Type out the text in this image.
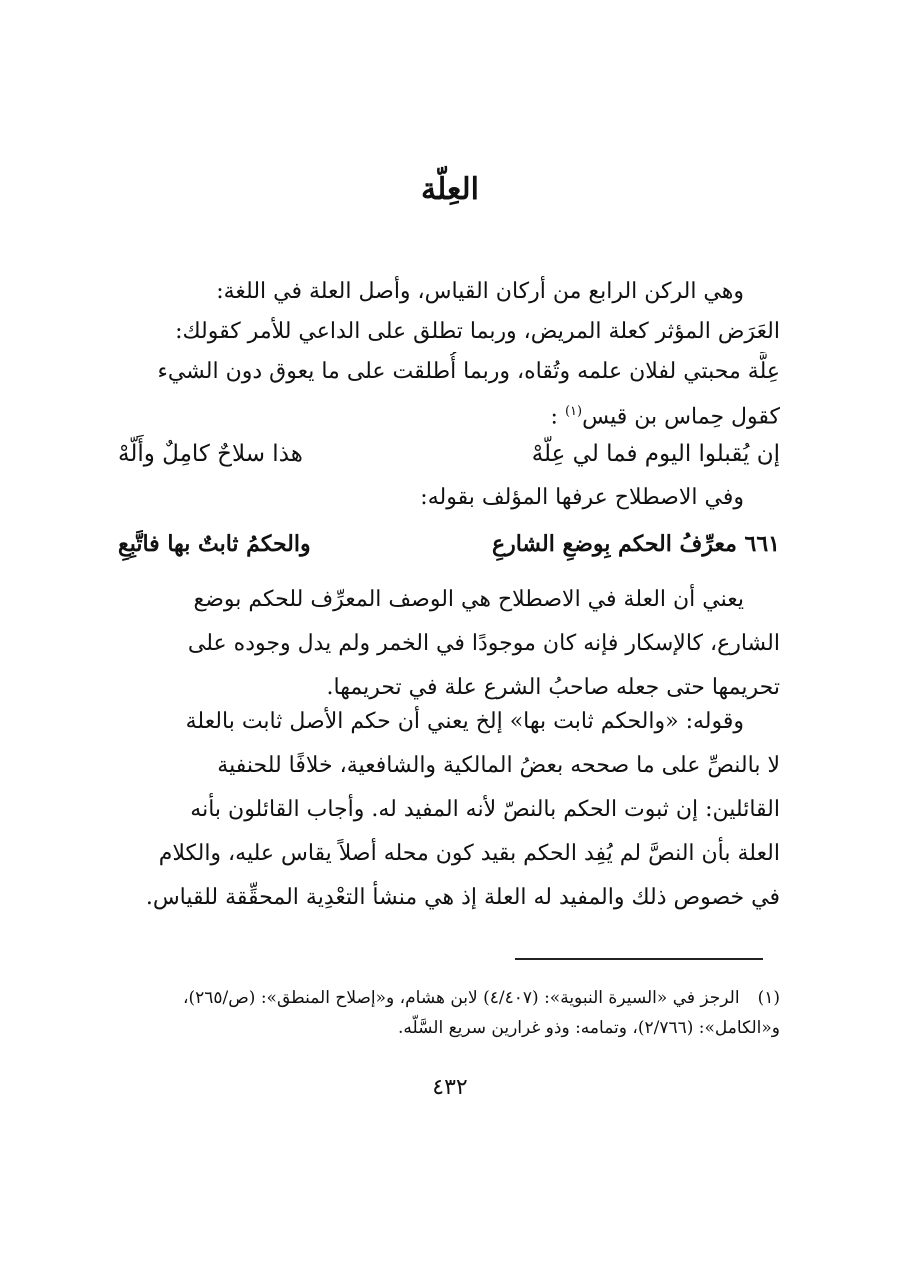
العِلّة
وهي الركن الرابع من أركان القياس، وأصل العلة في اللغة:
العَرَض المؤثر كعلة المريض، وربما تطلق على الداعي للأمر كقولك:
عِلَّة محبتي لفلان علمه وتُقاه، وربما أُطلقت على ما يعوق دون الشيء
كقول حِماس بن قيس$^{(١)}$ :
إن يُقبلوا اليوم فما لي عِلّهْ
هذا سلاحٌ كامِلٌ وأَلّهْ
وفي الاصطلاح عرفها المؤلف بقوله:
٦٦١ معرِّفُ الحكم بِوضعِ الشارعِ
والحكمُ ثابتٌ بها فاتَّبِعِ
يعني أن العلة في الاصطلاح هي الوصف المعرِّف للحكم بوضع
الشارع، كالإسكار فإنه كان موجودًا في الخمر ولم يدل وجوده على
تحريمها حتى جعله صاحبُ الشرع علة في تحريمها.
وقوله: «والحكم ثابت بها» إلخ يعني أن حكم الأصل ثابت بالعلة
لا بالنصِّ على ما صححه بعضُ المالكية والشافعية، خلافًا للحنفية
القائلين: إن ثبوت الحكم بالنصّ لأنه المفيد له. وأجاب القائلون بأنه
العلة بأن النصَّ لم يُفِد الحكم بقيد كون محله أصلاً يقاس عليه، والكلام
في خصوص ذلك والمفيد له العلة إذ هي منشأ التعْدِية المحقِّقة للقياس.
(١)الرجز في «السيرة النبوية»: (٤/٤٠٧) لابن هشام، و«إصلاح المنطق»: (ص/٢٦٥)،
و«الكامل»: (٢/٧٦٦)، وتمامه: وذو غرارين سريع السَّلّه.
٤٣٢
